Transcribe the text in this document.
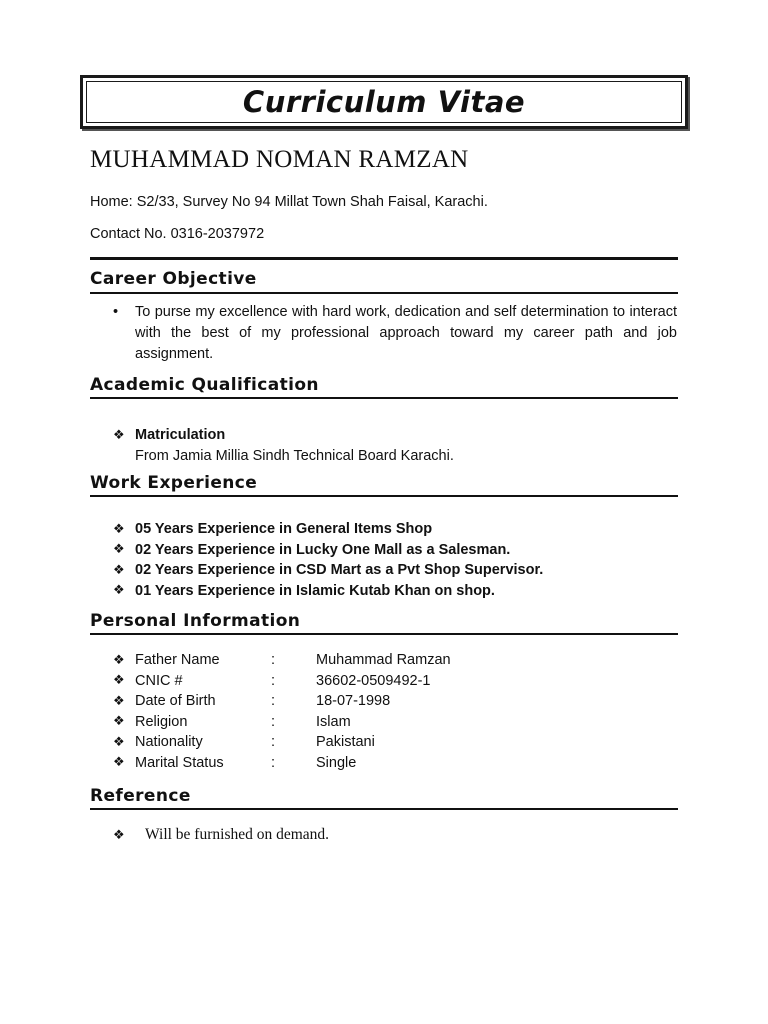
Curriculum Vitae
MUHAMMAD NOMAN RAMZAN
Home: S2/33, Survey No 94 Millat Town Shah Faisal, Karachi.
Contact No. 0316-2037972
Career Objective
• To purse my excellence with hard work, dedication and self determination to interact with the best of my professional approach toward my career path and job assignment.
Academic Qualification
❖ Matriculation
From Jamia Millia Sindh Technical Board Karachi.
Work Experience
❖ 05 Years Experience in General Items Shop
❖ 02 Years Experience in Lucky One Mall as a Salesman.
❖ 02 Years Experience in CSD Mart as a Pvt Shop Supervisor.
❖ 01 Years Experience in Islamic Kutab Khan on shop.
Personal Information
❖ Father Name	:	Muhammad Ramzan
❖ CNIC #	:	36602-0509492-1
❖ Date of Birth	:	18-07-1998
❖ Religion	:	Islam
❖ Nationality	:	Pakistani
❖ Marital Status	:	Single
Reference
❖	Will be furnished on demand.
